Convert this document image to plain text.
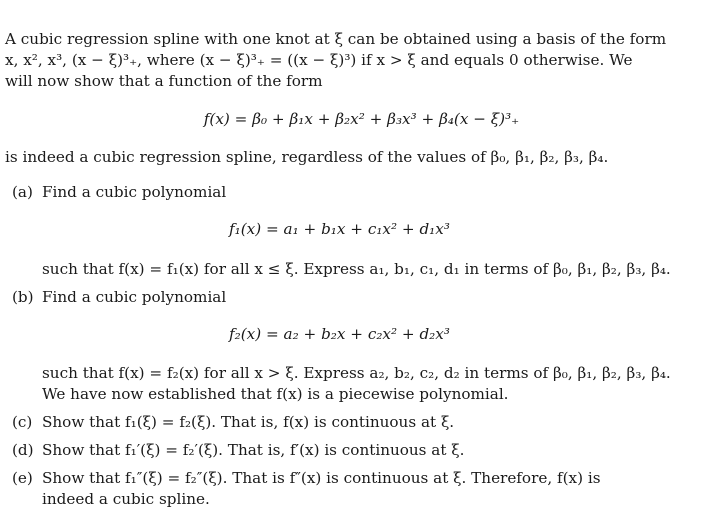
A cubic regression spline with one knot at ξ can be obtained using a basis of the form
x, x², x³, (x − ξ)³₊, where (x − ξ)³₊ = ((x − ξ)³) if x > ξ and equals 0 otherwise. We
will now show that a function of the form
f(x) = β₀ + β₁x + β₂x² + β₃x³ + β₄(x − ξ)³₊
is indeed a cubic regression spline, regardless of the values of β₀, β₁, β₂, β₃, β₄.
(a) Find a cubic polynomial
f₁(x) = a₁ + b₁x + c₁x² + d₁x³
such that f(x) = f₁(x) for all x ≤ ξ. Express a₁, b₁, c₁, d₁ in terms of β₀, β₁, β₂, β₃, β₄.
(b) Find a cubic polynomial
f₂(x) = a₂ + b₂x + c₂x² + d₂x³
such that f(x) = f₂(x) for all x > ξ. Express a₂, b₂, c₂, d₂ in terms of β₀, β₁, β₂, β₃, β₄.
We have now established that f(x) is a piecewise polynomial.
(c) Show that f₁(ξ) = f₂(ξ). That is, f(x) is continuous at ξ.
(d) Show that f₁′(ξ) = f₂′(ξ). That is, f′(x) is continuous at ξ.
(e) Show that f₁″(ξ) = f₂″(ξ). That is f″(x) is continuous at ξ. Therefore, f(x) is
indeed a cubic spline.
